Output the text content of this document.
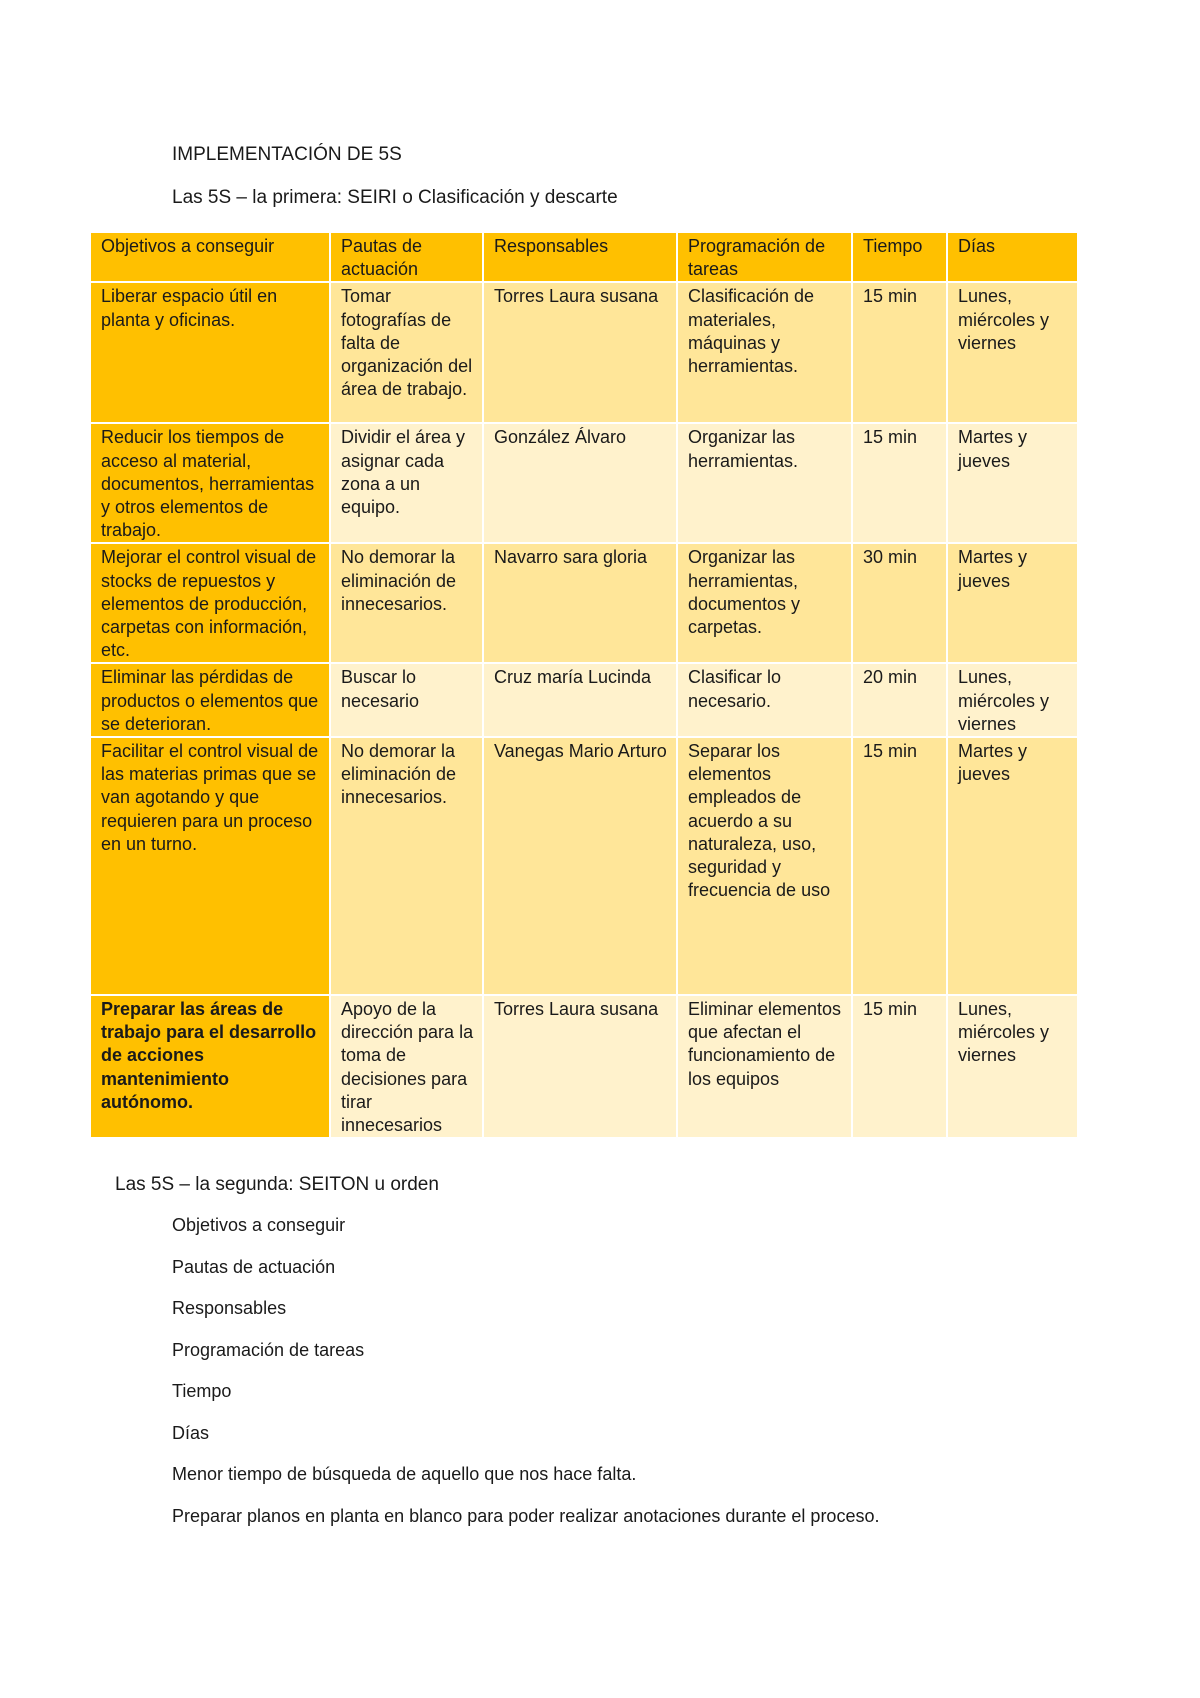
IMPLEMENTACIÓN DE 5S
Las 5S – la primera: SEIRI o Clasificación y descarte
Objetivos a conseguir	Pautas de actuación	Responsables	Programación de tareas	Tiempo	Días
Liberar espacio útil en planta y oficinas.	Tomar fotografías de falta de organización del área de trabajo.	Torres Laura susana	Clasificación de materiales, máquinas y herramientas.	15 min	Lunes, miércoles y viernes
Reducir los tiempos de acceso al material, documentos, herramientas y otros elementos de trabajo.	Dividir el área y asignar cada zona a un equipo.	González Álvaro	Organizar las herramientas.	15 min	Martes y jueves
Mejorar el control visual de stocks de repuestos y elementos de producción, carpetas con información, etc.	No demorar la eliminación de innecesarios.	Navarro sara gloria	Organizar las herramientas, documentos y carpetas.	30 min	Martes y jueves
Eliminar las pérdidas de productos o elementos que se deterioran.	Buscar lo necesario	Cruz maría Lucinda	Clasificar lo necesario.	20 min	Lunes, miércoles y viernes
Facilitar el control visual de las materias primas que se van agotando y que requieren para un proceso en un turno.	No demorar la eliminación de innecesarios.	Vanegas Mario Arturo	Separar los elementos empleados de acuerdo a su naturaleza, uso, seguridad y frecuencia de uso	15 min	Martes y jueves
Preparar las áreas de trabajo para el desarrollo de acciones mantenimiento autónomo.	Apoyo de la dirección para la toma de decisiones para tirar innecesarios	Torres Laura susana	Eliminar elementos que afectan el funcionamiento de los equipos	15 min	Lunes, miércoles y viernes
Las 5S – la segunda: SEITON u orden
Objetivos a conseguir
Pautas de actuación
Responsables
Programación de tareas
Tiempo
Días
Menor tiempo de búsqueda de aquello que nos hace falta.
Preparar planos en planta en blanco para poder realizar anotaciones durante el proceso.
